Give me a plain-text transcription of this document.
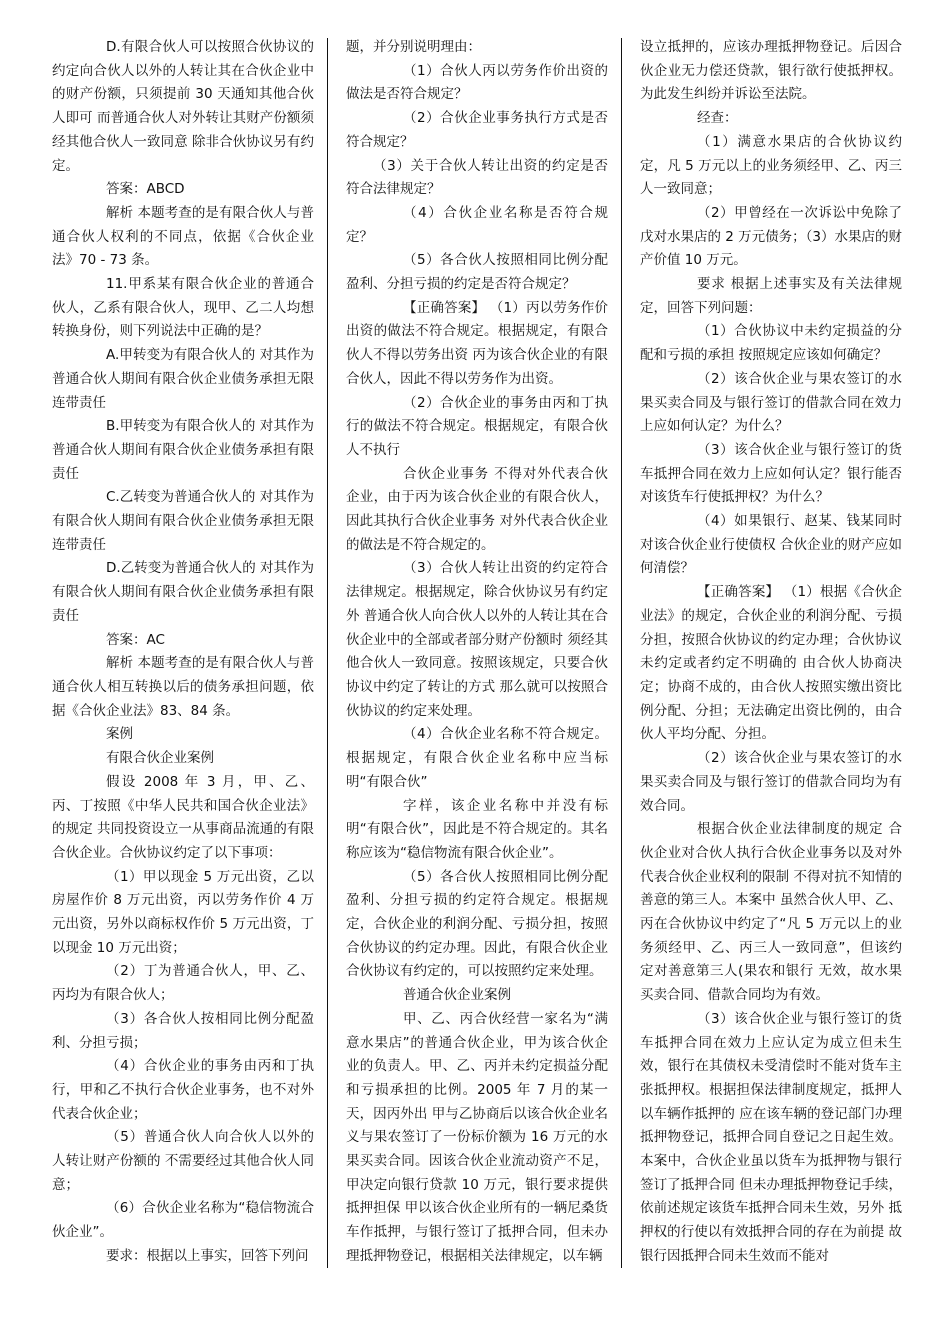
D.有限合伙人可以按照合伙协议的约定向合伙人以外的人转让其在合伙企业中的财产份额，只须提前 30 天通知其他合伙人即可 而普通合伙人对外转让其财产份额须经其他合伙人一致同意 除非合伙协议另有约定。

答案：ABCD

解析 本题考查的是有限合伙人与普通合伙人权利的不同点，依据《合伙企业法》70 - 73 条。

11.甲系某有限合伙企业的普通合伙人，乙系有限合伙人，现甲、乙二人均想转换身份，则下列说法中正确的是？

A.甲转变为有限合伙人的 对其作为普通合伙人期间有限合伙企业债务承担无限连带责任

B.甲转变为有限合伙人的 对其作为普通合伙人期间有限合伙企业债务承担有限责任

C.乙转变为普通合伙人的 对其作为有限合伙人期间有限合伙企业债务承担无限连带责任

D.乙转变为普通合伙人的 对其作为有限合伙人期间有限合伙企业债务承担有限责任

答案：AC

解析 本题考查的是有限合伙人与普通合伙人相互转换以后的债务承担问题，依据《合伙企业法》83、84 条。

案例

有限合伙企业案例

假设 2008 年 3 月，甲、乙、丙、丁按照《中华人民共和国合伙企业法》的规定 共同投资设立一从事商品流通的有限合伙企业。合伙协议约定了以下事项：

（1）甲以现金 5 万元出资，乙以房屋作价 8 万元出资，丙以劳务作价 4 万元出资，另外以商标权作价 5 万元出资，丁以现金 10 万元出资；

（2）丁为普通合伙人，甲、乙、丙均为有限合伙人；

（3）各合伙人按相同比例分配盈利、分担亏损；

（4）合伙企业的事务由丙和丁执行，甲和乙不执行合伙企业事务，也不对外代表合伙企业；

（5）普通合伙人向合伙人以外的人转让财产份额的 不需要经过其他合伙人同意；

（6）合伙企业名称为“稳信物流合伙企业”。

要求：根据以上事实，回答下列问

题，并分别说明理由：

（1）合伙人丙以劳务作价出资的做法是否符合规定？

（2）合伙企业事务执行方式是否符合规定？

（3）关于合伙人转让出资的约定是否符合法律规定？

（4）合伙企业名称是否符合规定？

（5）各合伙人按照相同比例分配盈利、分担亏损的约定是否符合规定？

【正确答案】 （1）丙以劳务作价出资的做法不符合规定。根据规定，有限合伙人不得以劳务出资 丙为该合伙企业的有限合伙人，因此不得以劳务作为出资。

（2）合伙企业的事务由丙和丁执行的做法不符合规定。根据规定，有限合伙人不执行

合伙企业事务 不得对外代表合伙企业，由于丙为该合伙企业的有限合伙人，因此其执行合伙企业事务 对外代表合伙企业的做法是不符合规定的。

（3）合伙人转让出资的约定符合法律规定。根据规定，除合伙协议另有约定外 普通合伙人向合伙人以外的人转让其在合伙企业中的全部或者部分财产份额时 须经其他合伙人一致同意。按照该规定，只要合伙协议中约定了转让的方式 那么就可以按照合伙协议的约定来处理。

（4）合伙企业名称不符合规定。根据规定，有限合伙企业名称中应当标明“有限合伙”

字样，该企业名称中并没有标明“有限合伙”，因此是不符合规定的。其名称应该为“稳信物流有限合伙企业”。

（5）各合伙人按照相同比例分配盈利、分担亏损的约定符合规定。根据规定，合伙企业的利润分配、亏损分担，按照合伙协议的约定办理。因此，有限合伙企业合伙协议有约定的，可以按照约定来处理。

普通合伙企业案例

甲、乙、丙合伙经营一家名为“满意水果店”的普通合伙企业，甲为该合伙企业的负责人。甲、乙、丙并未约定损益分配和亏损承担的比例。2005 年 7 月的某一天，因丙外出 甲与乙协商后以该合伙企业名义与果农签订了一份标价额为 16 万元的水果买卖合同。因该合伙企业流动资产不足，甲决定向银行贷款 10 万元，银行要求提供抵押担保 甲以该合伙企业所有的一辆尼桑货车作抵押，与银行签订了抵押合同，但未办理抵押物登记，根据相关法律规定，以车辆

设立抵押的，应该办理抵押物登记。后因合伙企业无力偿还贷款，银行欲行使抵押权。为此发生纠纷并诉讼至法院。

经查：

（1）满意水果店的合伙协议约定，凡 5 万元以上的业务须经甲、乙、丙三人一致同意；

（2）甲曾经在一次诉讼中免除了戊对水果店的 2 万元债务；（3）水果店的财产价值 10 万元。

要求 根据上述事实及有关法律规定，回答下列问题：

（1）合伙协议中未约定损益的分配和亏损的承担 按照规定应该如何确定？

（2）该合伙企业与果农签订的水果买卖合同及与银行签订的借款合同在效力上应如何认定？为什么？

（3）该合伙企业与银行签订的货车抵押合同在效力上应如何认定？银行能否对该货车行使抵押权？为什么？

（4）如果银行、赵某、钱某同时对该合伙企业行使债权 合伙企业的财产应如何清偿？

【正确答案】 （1）根据《合伙企业法》的规定，合伙企业的利润分配、亏损分担，按照合伙协议的约定办理；合伙协议未约定或者约定不明确的 由合伙人协商决定；协商不成的，由合伙人按照实缴出资比例分配、分担；无法确定出资比例的，由合伙人平均分配、分担。

（2）该合伙企业与果农签订的水果买卖合同及与银行签订的借款合同均为有效合同。

根据合伙企业法律制度的规定 合伙企业对合伙人执行合伙企业事务以及对外代表合伙企业权利的限制 不得对抗不知情的善意的第三人。本案中 虽然合伙人甲、乙、丙在合伙协议中约定了“凡 5 万元以上的业务须经甲、乙、丙三人一致同意”，但该约定对善意第三人(果农和银行 无效，故水果买卖合同、借款合同均为有效。

（3）该合伙企业与银行签订的货车抵押合同在效力上应认定为成立但未生效，银行在其债权未受清偿时不能对货车主张抵押权。根据担保法律制度规定，抵押人以车辆作抵押的 应在该车辆的登记部门办理抵押物登记，抵押合同自登记之日起生效。本案中，合伙企业虽以货车为抵押物与银行签订了抵押合同 但未办理抵押物登记手续，依前述规定该货车抵押合同未生效，另外 抵押权的行使以有效抵押合同的存在为前提 故银行因抵押合同未生效而不能对
